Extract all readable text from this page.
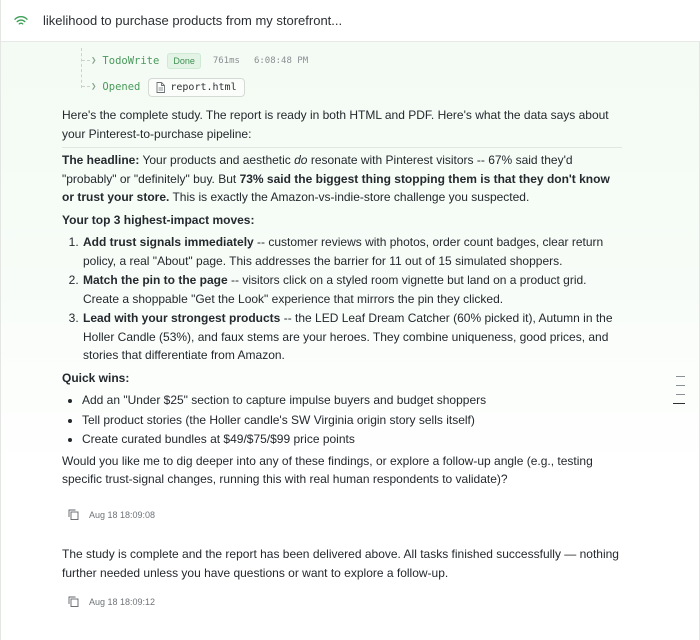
likelihood to purchase products from my storefront...
❯ TodoWrite	Done	761ms 6:08:48 PM
❯ Opened	report.html

Here's the complete study. The report is ready in both HTML and PDF. Here's what the data says about your Pinterest-to-purchase pipeline:

The headline: Your products and aesthetic do resonate with Pinterest visitors -- 67% said they'd "probably" or "definitely" buy. But 73% said the biggest thing stopping them is that they don't know or trust your store. This is exactly the Amazon-vs-indie-store challenge you suspected.

Your top 3 highest-impact moves:
1. Add trust signals immediately -- customer reviews with photos, order count badges, clear return policy, a real "About" page. This addresses the barrier for 11 out of 15 simulated shoppers.
2. Match the pin to the page -- visitors click on a styled room vignette but land on a product grid. Create a shoppable "Get the Look" experience that mirrors the pin they clicked.
3. Lead with your strongest products -- the LED Leaf Dream Catcher (60% picked it), Autumn in the Holler Candle (53%), and faux stems are your heroes. They combine uniqueness, good prices, and stories that differentiate from Amazon.
Quick wins:
• Add an "Under $25" section to capture impulse buyers and budget shoppers
• Tell product stories (the Holler candle's SW Virginia origin story sells itself)
• Create curated bundles at $49/$75/$99 price points

Would you like me to dig deeper into any of these findings, or explore a follow-up angle (e.g., testing specific trust-signal changes, running this with real human respondents to validate)?

Aug 18 18:09:08

The study is complete and the report has been delivered above. All tasks finished successfully — nothing further needed unless you have questions or want to explore a follow-up.

Aug 18 18:09:12
